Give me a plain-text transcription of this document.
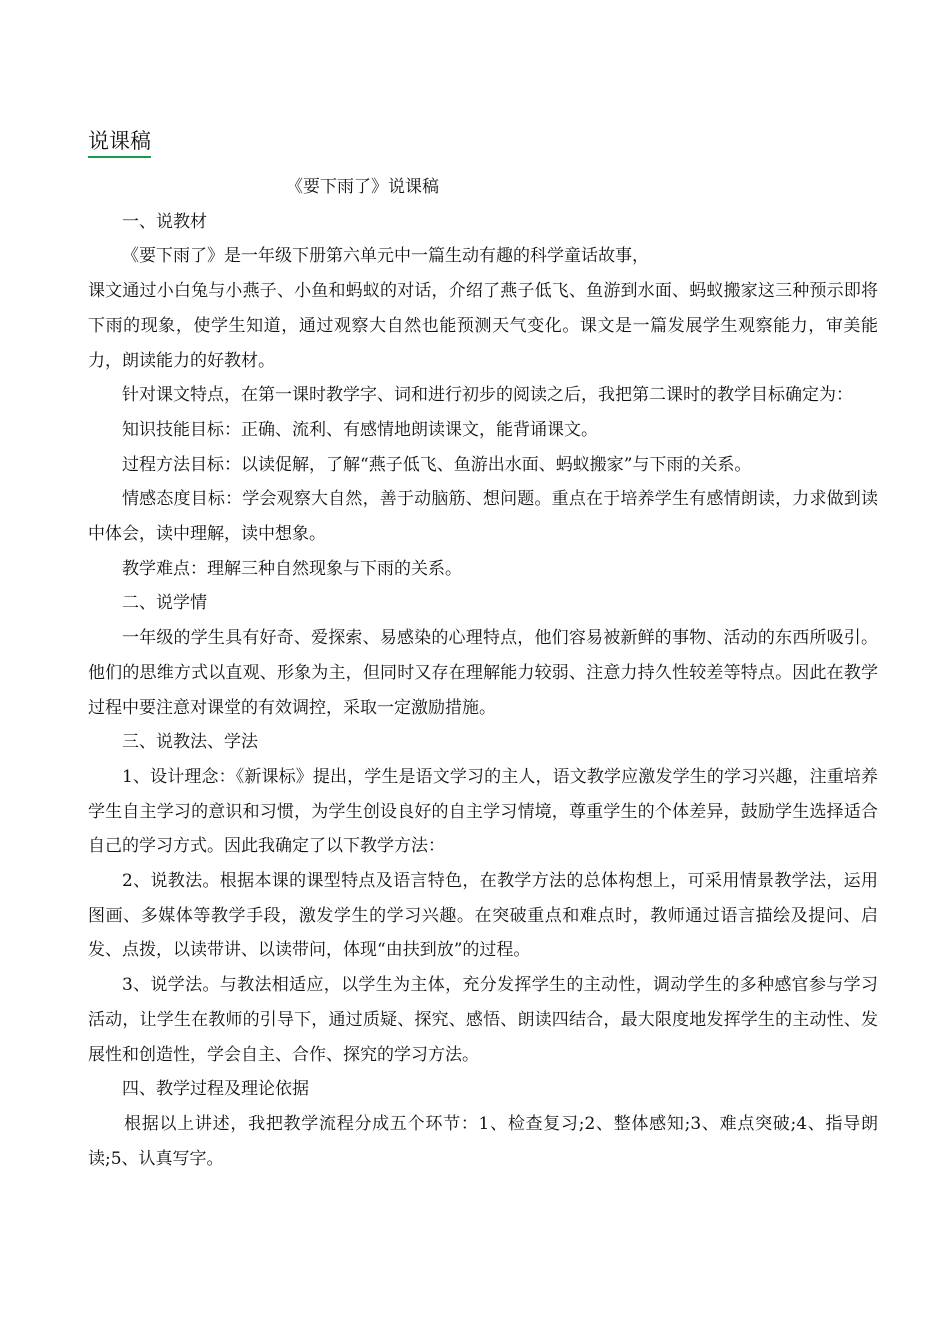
说课稿

《要下雨了》说课稿

一、说教材

《要下雨了》是一年级下册第六单元中一篇生动有趣的科学童话故事，

课文通过小白兔与小燕子、小鱼和蚂蚁的对话，介绍了燕子低飞、鱼游到水面、蚂蚁搬家这三种预示即将下雨的现象，使学生知道，通过观察大自然也能预测天气变化。课文是一篇发展学生观察能力，审美能力，朗读能力的好教材。

针对课文特点，在第一课时教学字、词和进行初步的阅读之后，我把第二课时的教学目标确定为：

知识技能目标：正确、流利、有感情地朗读课文，能背诵课文。

过程方法目标：以读促解，了解“燕子低飞、鱼游出水面、蚂蚁搬家”与下雨的关系。

情感态度目标：学会观察大自然，善于动脑筋、想问题。重点在于培养学生有感情朗读，力求做到读中体会，读中理解，读中想象。

教学难点：理解三种自然现象与下雨的关系。

二、说学情

一年级的学生具有好奇、爱探索、易感染的心理特点，他们容易被新鲜的事物、活动的东西所吸引。他们的思维方式以直观、形象为主，但同时又存在理解能力较弱、注意力持久性较差等特点。因此在教学过程中要注意对课堂的有效调控，采取一定激励措施。

三、说教法、学法

1、设计理念：《新课标》提出，学生是语文学习的主人，语文教学应激发学生的学习兴趣，注重培养学生自主学习的意识和习惯，为学生创设良好的自主学习情境，尊重学生的个体差异，鼓励学生选择适合自己的学习方式。因此我确定了以下教学方法：

2、说教法。根据本课的课型特点及语言特色，在教学方法的总体构想上，可采用情景教学法，运用图画、多媒体等教学手段，激发学生的学习兴趣。在突破重点和难点时，教师通过语言描绘及提问、启发、点拨，以读带讲、以读带问，体现“由扶到放”的过程。

3、说学法。与教法相适应，以学生为主体，充分发挥学生的主动性，调动学生的多种感官参与学习活动，让学生在教师的引导下，通过质疑、探究、感悟、朗读四结合，最大限度地发挥学生的主动性、发展性和创造性，学会自主、合作、探究的学习方法。

四、教学过程及理论依据

根据以上讲述，我把教学流程分成五个环节：1、检查复习;2、整体感知;3、难点突破;4、指导朗读;5、认真写字。
